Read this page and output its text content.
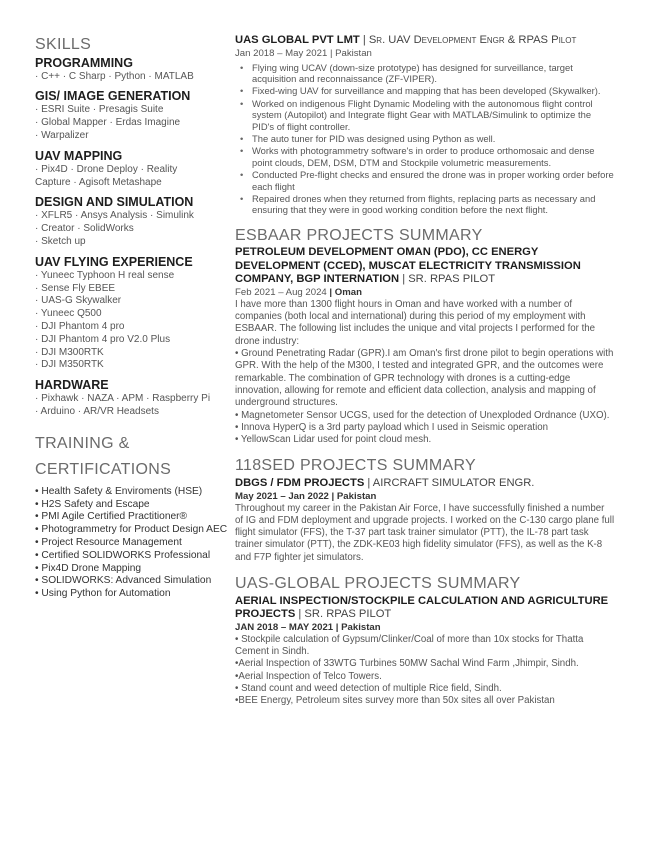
SKILLS

PROGRAMMING

· C++ · C Sharp · Python · MATLAB

GIS/ IMAGE GENERATION

· ESRI Suite · Presagis Suite

· Global Mapper · Erdas Imagine

· Warpalizer

UAV MAPPING

· Pix4D · Drone Deploy · Reality

Capture · Agisoft Metashape

DESIGN AND SIMULATION

· XFLR5 · Ansys Analysis · Simulink

· Creator · SolidWorks

· Sketch up

UAV FLYING EXPERIENCE

· Yuneec Typhoon H real sense

· Sense Fly EBEE

· UAS-G Skywalker

· Yuneec Q500

· DJI Phantom 4 pro

· DJI Phantom 4 pro V2.0 Plus

· DJI M300RTK

· DJI M350RTK

HARDWARE

· Pixhawk · NAZA · APM · Raspberry Pi

· Arduino · AR/VR Headsets

TRAINING &
CERTIFICATIONS
• Health Safety & Enviroments (HSE)
• H2S Safety and Escape
• PMI Agile Certified Practitioner®
• Photogrammetry for Product Design AEC
• Project Resource Management
• Certified SOLIDWORKS Professional
• Pix4D Drone Mapping
• SOLIDWORKS: Advanced Simulation
• Using Python for Automation

UAS GLOBAL PVT LMT | Sr. UAV Development Engr & RPAS Pilot

Jan 2018 – May 2021 | Pakistan

• Flying wing UCAV (down-size prototype) has designed for surveillance, target acquisition and reconnaissance (ZF-VIPER).
• Fixed-wing UAV for surveillance and mapping that has been developed (Skywalker).
• Worked on indigenous Flight Dynamic Modeling with the autonomous flight control system (Autopilot) and Integrate flight Gear with MATLAB/Simulink to optimize the PID's of flight controller.
• The auto tuner for PID was designed using Python as well.
• Works with photogrammetry software's in order to produce orthomosaic and dense point clouds, DEM, DSM, DTM and Stockpile volumetric measurements.
• Conducted Pre-flight checks and ensured the drone was in proper working order before each flight
• Repaired drones when they returned from flights, replacing parts as necessary and ensuring that they were in good working condition before the next flight.
ESBAAR PROJECTS SUMMARY

PETROLEUM DEVELOPMENT OMAN (PDO), CC ENERGY DEVELOPMENT (CCED), MUSCAT ELECTRICITY TRANSMISSION COMPANY, BGP INTERNATION | SR. RPAS PILOT

Feb 2021 – Aug 2024 | Oman

I have more than 1300 flight hours in Oman and have worked with a number of companies (both local and international) during this period of my employment with ESBAAR. The following list includes the unique and vital projects I performed for the drone industry:

• Ground Penetrating Radar (GPR).I am Oman's first drone pilot to begin operations with GPR. With the help of the M300, I tested and integrated GPR, and the outcomes were remarkable. The combination of GPR technology with drones is a cutting-edge innovation, allowing for remote and efficient data collection, analysis and mapping of underground structures.

• Magnetometer Sensor UCGS, used for the detection of Unexploded Ordnance (UXO).

• Innova HyperQ is a 3rd party payload which I used in Seismic operation

• YellowScan Lidar used for point cloud mesh.

118SED PROJECTS SUMMARY

DBGS / FDM PROJECTS | AIRCRAFT SIMULATOR ENGR.

May 2021 – Jan 2022 | Pakistan

Throughout my career in the Pakistan Air Force, I have successfully finished a number of IG and FDM deployment and upgrade projects. I worked on the C-130 cargo plane full flight simulator (FFS), the T-37 part task trainer simulator (PTT), the IL-78 part task trainer simulator (PTT), the ZDK-KE03 high fidelity simulator (FFS), as well as the K-8 and F7P fighter jet simulators.

UAS-GLOBAL PROJECTS SUMMARY

AERIAL INSPECTION/STOCKPILE CALCULATION AND AGRICULTURE PROJECTS | SR. RPAS PILOT

JAN 2018 – MAY 2021 | Pakistan

• Stockpile calculation of Gypsum/Clinker/Coal of more than 10x stocks for Thatta Cement in Sindh.

•Aerial Inspection of 33WTG Turbines 50MW Sachal Wind Farm ,Jhimpir, Sindh.

•Aerial Inspection of Telco Towers.

• Stand count and weed detection of multiple Rice field, Sindh.

•BEE Energy, Petroleum sites survey more than 50x sites all over Pakistan
